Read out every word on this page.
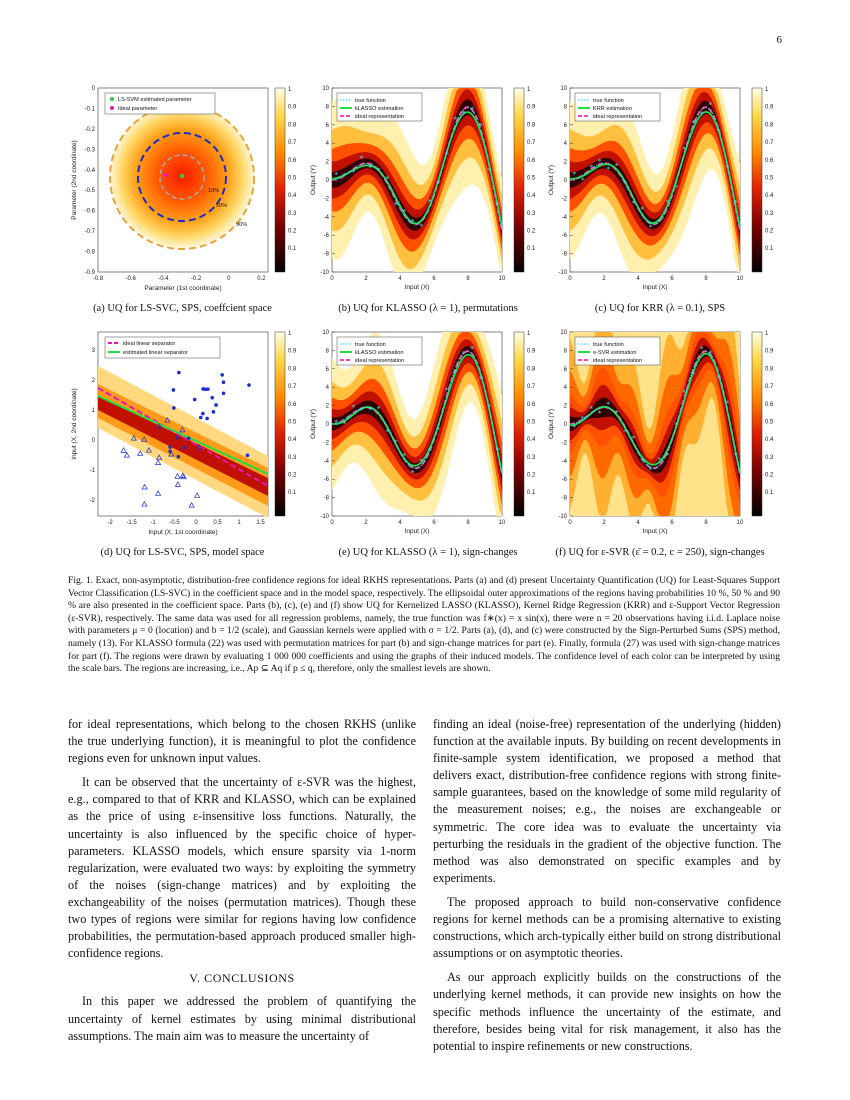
6
10%
50%
90%
LS-SVM estimated parameter
Ideal parameter
0
-0.1
-0.2
-0.3
-0.4
-0.5
-0.6
-0.7
-0.8
-0.9
-0.8	-0.6	-0.4	-0.2	0	0.2
Parameter (1st coordinate)
Parameter (2nd coordinate)
1
0.9
0.8
0.7
0.6
0.5
0.4
0.3
0.2
0.1
* * *
*
* *
*
*
*
* *
*
*
*
*
* *
*
*
*
true function
kLASSO estimation
ideal representation
10
8
6
4
2
0
-2
-4
-6
-8
-10
0	2	4	6	8	10
Input (X)
Output (Y)
1
0.9
0.8
0.7
0.6
0.5
0.4
0.3
0.2
0.1
*
*
*
*
* *
*
*
*
*
*
*
*
*
*
*
*
*
*
*
true function
KRR estimation
ideal representation
10
8
6
4
2
0
-2
-4
-6
-8
-10
0	2	4	6	8	10
Input (X)
Output (Y)
1
0.9
0.8
0.7
0.6
0.5
0.4
0.3
0.2
0.1
* *
* * * *
*
*
*
*
*
*
*
*
*
*
*
*
*
*
true function
kLASSO estimation
ideal representation
10
8
6
4
2
0
-2
-4
-6
-8
-10
0	2	4	6	8	10
Input (X)
Output (Y)
1
0.9
0.8
0.7
0.6
0.5
0.4
0.3
0.2
0.1
*
*
*
*
*
*
*
*
*
*
*
*
*
*
*
*
*
*
*
*
true function
e-SVR estimation
ideal representation
10
8
6
4
2
0
-2
-4
-6
-8
-10
0	2	4	6	8	10
Input (X)
Output (Y)
1
0.9
0.8
0.7
0.6
0.5
0.4
0.3
0.2
0.1
ideal linear separator
estimated linear separator
3
2
1
0
-1
-2
-2 -1.5 -1 -0.5 0	0.5	1	1.5
Input (X, 1st coordinate)
Input (X, 2nd coordinate)
1
0.9
0.8
0.7
0.6
0.5
0.4
0.3
0.2
0.1
(a) UQ for LS-SVC, SPS, coeffcient space	(b) UQ for KLASSO (λ = 1), permutations	(c) UQ for KRR (λ = 0.1), SPS
(d) UQ for LS-SVC, SPS, model space	(e) UQ for KLASSO (λ = 1), sign-changes	(f) UQ for ε-SVR (ε̄ = 0.2, c = 250), sign-changes
Fig. 1. Exact, non-asymptotic, distribution-free confidence regions for ideal RKHS representations. Parts (a) and (d) present Uncertainty Quantification (UQ) for Least-Squares Support Vector Classification (LS-SVC) in the coefficient space and in the model space, respectively. The ellipsoidal outer approximations of the regions having probabilities 10 %, 50 % and 90 % are also presented in the coefficient space. Parts (b), (c), (e) and (f) show UQ for Kernelized LASSO (KLASSO), Kernel Ridge Regression (KRR) and ε-Support Vector Regression (ε-SVR), respectively. The same data was used for all regression problems, namely, the true function was f∗(x) = x sin(x), there were n = 20 observations having i.i.d. Laplace noise with parameters μ = 0 (location) and b = 1/2 (scale), and Gaussian kernels were applied with σ = 1/2. Parts (a), (d), and (c) were constructed by the Sign-Perturbed Sums (SPS) method, namely (13). For KLASSO formula (22) was used with permutation matrices for part (b) and sign-change matrices for part (e). Finally, formula (27) was used with sign-change matrices for part (f). The regions were drawn by evaluating 1 000 000 coefficients and using the graphs of their induced models. The confidence level of each color can be interpreted by using the scale bars. The regions are increasing, i.e., Ap ⊆ Aq if p ≤ q, therefore, only the smallest levels are shown.

for ideal representations, which belong to the chosen RKHS (unlike the true underlying function), it is meaningful to plot the confidence regions even for unknown input values.

It can be observed that the uncertainty of ε-SVR was the highest, e.g., compared to that of KRR and KLASSO, which can be explained as the price of using ε-insensitive loss functions. Naturally, the uncertainty is also influenced by the specific choice of hyper-parameters. KLASSO models, which ensure sparsity via 1-norm regularization, were evaluated two ways: by exploiting the symmetry of the noises (sign-change matrices) and by exploiting the exchangeability of the noises (permutation matrices). Though these two types of regions were similar for regions having low confidence probabilities, the permutation-based approach produced smaller high-confidence regions.

V. CONCLUSIONS

In this paper we addressed the problem of quantifying the uncertainty of kernel estimates by using minimal distributional assumptions. The main aim was to measure the uncertainty of

finding an ideal (noise-free) representation of the underlying (hidden) function at the available inputs. By building on recent developments in finite-sample system identification, we proposed a method that delivers exact, distribution-free confidence regions with strong finite-sample guarantees, based on the knowledge of some mild regularity of the measurement noises; e.g., the noises are exchangeable or symmetric. The core idea was to evaluate the uncertainty via perturbing the residuals in the gradient of the objective function. The method was also demonstrated on specific examples and by experiments.

The proposed approach to build non-conservative confidence regions for kernel methods can be a promising alternative to existing constructions, which arch-typically either build on strong distributional assumptions or on asymptotic theories.

As our approach explicitly builds on the constructions of the underlying kernel methods, it can provide new insights on how the specific methods influence the uncertainty of the estimate, and therefore, besides being vital for risk management, it also has the potential to inspire refinements or new constructions.
